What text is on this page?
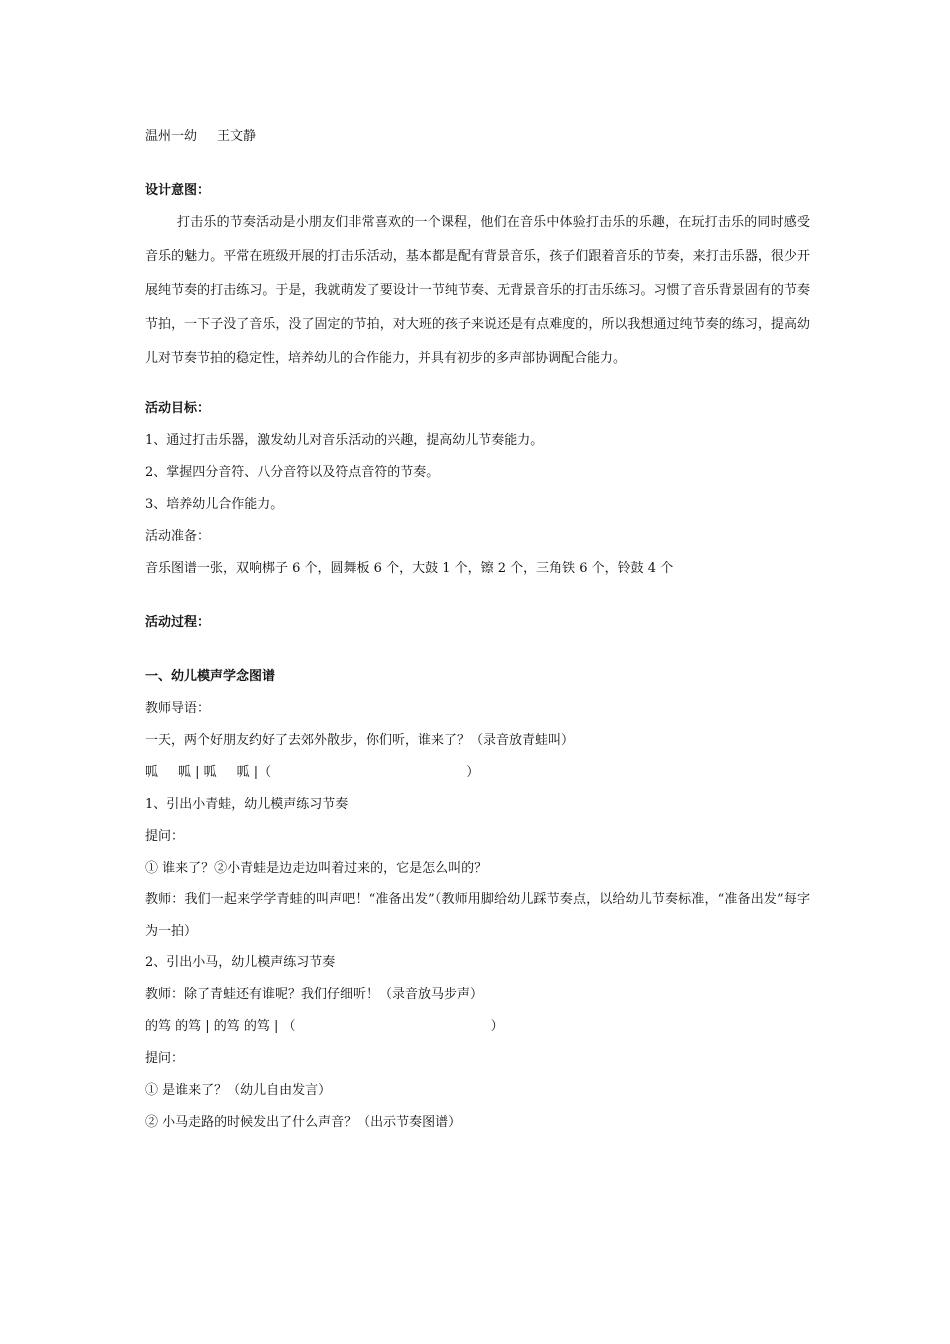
温州一幼 王文静
设计意图：

打击乐的节奏活动是小朋友们非常喜欢的一个课程，他们在音乐中体验打击乐的乐趣，在玩打击乐的同时感受音乐的魅力。平常在班级开展的打击乐活动，基本都是配有背景音乐，孩子们跟着音乐的节奏，来打击乐器，很少开展纯节奏的打击练习。于是，我就萌发了要设计一节纯节奏、无背景音乐的打击乐练习。习惯了音乐背景固有的节奏节拍，一下子没了音乐，没了固定的节拍，对大班的孩子来说还是有点难度的，所以我想通过纯节奏的练习，提高幼儿对节奏节拍的稳定性，培养幼儿的合作能力，并具有初步的多声部协调配合能力。

活动目标：
1、通过打击乐器，激发幼儿对音乐活动的兴趣，提高幼儿节奏能力。
2、掌握四分音符、八分音符以及符点音符的节奏。
3、培养幼儿合作能力。
活动准备：
音乐图谱一张，双响梆子 6 个，圆舞板 6 个，大鼓 1 个，镲 2 个，三角铁 6 个，铃鼓 4 个
活动过程：
一、幼儿模声学念图谱
教师导语：
一天，两个好朋友约好了去郊外散步，你们听，谁来了？（录音放青蛙叫）
呱 呱 | 呱 呱 |（	）
1、引出小青蛙，幼儿模声练习节奏
提问：
① 谁来了？②小青蛙是边走边叫着过来的，它是怎么叫的？

教师：我们一起来学学青蛙的叫声吧！“准备出发”（教师用脚给幼儿踩节奏点，以给幼儿节奏标准，“准备出发”每字为一拍）

2、引出小马，幼儿模声练习节奏
教师：除了青蛙还有谁呢？我们仔细听！（录音放马步声）
的笃 的笃 | 的笃 的笃 | （	）
提问：
① 是谁来了？（幼儿自由发言）
② 小马走路的时候发出了什么声音？（出示节奏图谱）
